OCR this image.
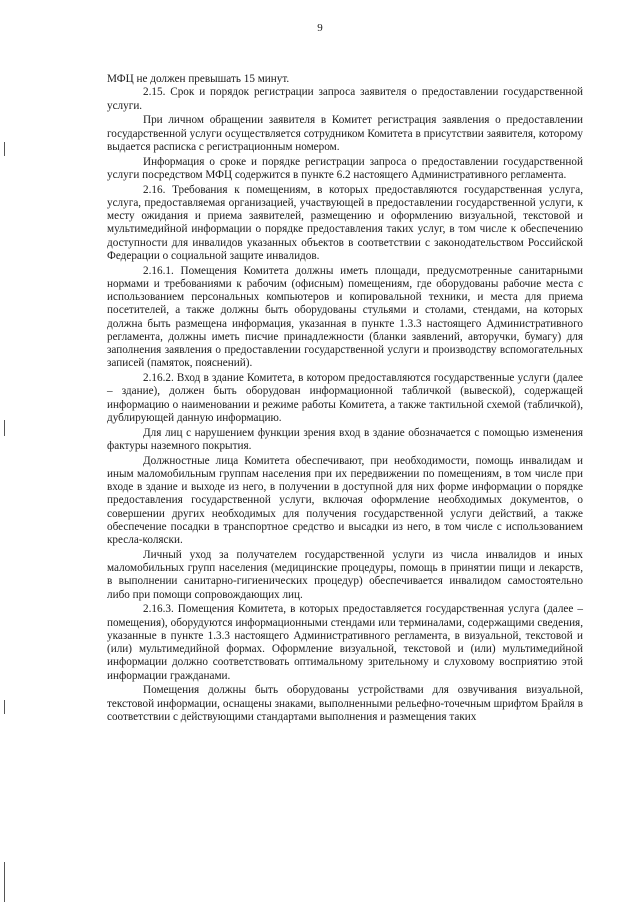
9

МФЦ не должен превышать 15 минут.

2.15. Срок и порядок регистрации запроса заявителя о предоставлении государственной услуги.

При личном обращении заявителя в Комитет регистрация заявления о предоставлении государственной услуги осуществляется сотрудником Комитета в присутствии заявителя, которому выдается расписка с регистрационным номером.

Информация о сроке и порядке регистрации запроса о предоставлении государственной услуги посредством МФЦ содержится в пункте 6.2 настоящего Административного регламента.

2.16. Требования к помещениям, в которых предоставляются государственная услуга, услуга, предоставляемая организацией, участвующей в предоставлении государственной услуги, к месту ожидания и приема заявителей, размещению и оформлению визуальной, текстовой и мультимедийной информации о порядке предоставления таких услуг, в том числе к обеспечению доступности для инвалидов указанных объектов в соответствии с законодательством Российской Федерации о социальной защите инвалидов.

2.16.1. Помещения Комитета должны иметь площади, предусмотренные санитарными нормами и требованиями к рабочим (офисным) помещениям, где оборудованы рабочие места с использованием персональных компьютеров и копировальной техники, и места для приема посетителей, а также должны быть оборудованы стульями и столами, стендами, на которых должна быть размещена информация, указанная в пункте 1.3.3 настоящего Административного регламента, должны иметь писчие принадлежности (бланки заявлений, авторучки, бумагу) для заполнения заявления о предоставлении государственной услуги и производству вспомогательных записей (памяток, пояснений).

2.16.2. Вход в здание Комитета, в котором предоставляются государственные услуги (далее – здание), должен быть оборудован информационной табличкой (вывеской), содержащей информацию о наименовании и режиме работы Комитета, а также тактильной схемой (табличкой), дублирующей данную информацию.

Для лиц с нарушением функции зрения вход в здание обозначается с помощью изменения фактуры наземного покрытия.

Должностные лица Комитета обеспечивают, при необходимости, помощь инвалидам и иным маломобильным группам населения при их передвижении по помещениям, в том числе при входе в здание и выходе из него, в получении в доступной для них форме информации о порядке предоставления государственной услуги, включая оформление необходимых документов, о совершении других необходимых для получения государственной услуги действий, а также обеспечение посадки в транспортное средство и высадки из него, в том числе с использованием кресла-коляски.

Личный уход за получателем государственной услуги из числа инвалидов и иных маломобильных групп населения (медицинские процедуры, помощь в принятии пищи и лекарств, в выполнении санитарно-гигиенических процедур) обеспечивается инвалидом самостоятельно либо при помощи сопровождающих лиц.

2.16.3. Помещения Комитета, в которых предоставляется государственная услуга (далее – помещения), оборудуются информационными стендами или терминалами, содержащими сведения, указанные в пункте 1.3.3 настоящего Административного регламента, в визуальной, текстовой и (или) мультимедийной формах. Оформление визуальной, текстовой и (или) мультимедийной информации должно соответствовать оптимальному зрительному и слуховому восприятию этой информации гражданами.

Помещения должны быть оборудованы устройствами для озвучивания визуальной, текстовой информации, оснащены знаками, выполненными рельефно-точечным шрифтом Брайля в соответствии с действующими стандартами выполнения и размещения таких
